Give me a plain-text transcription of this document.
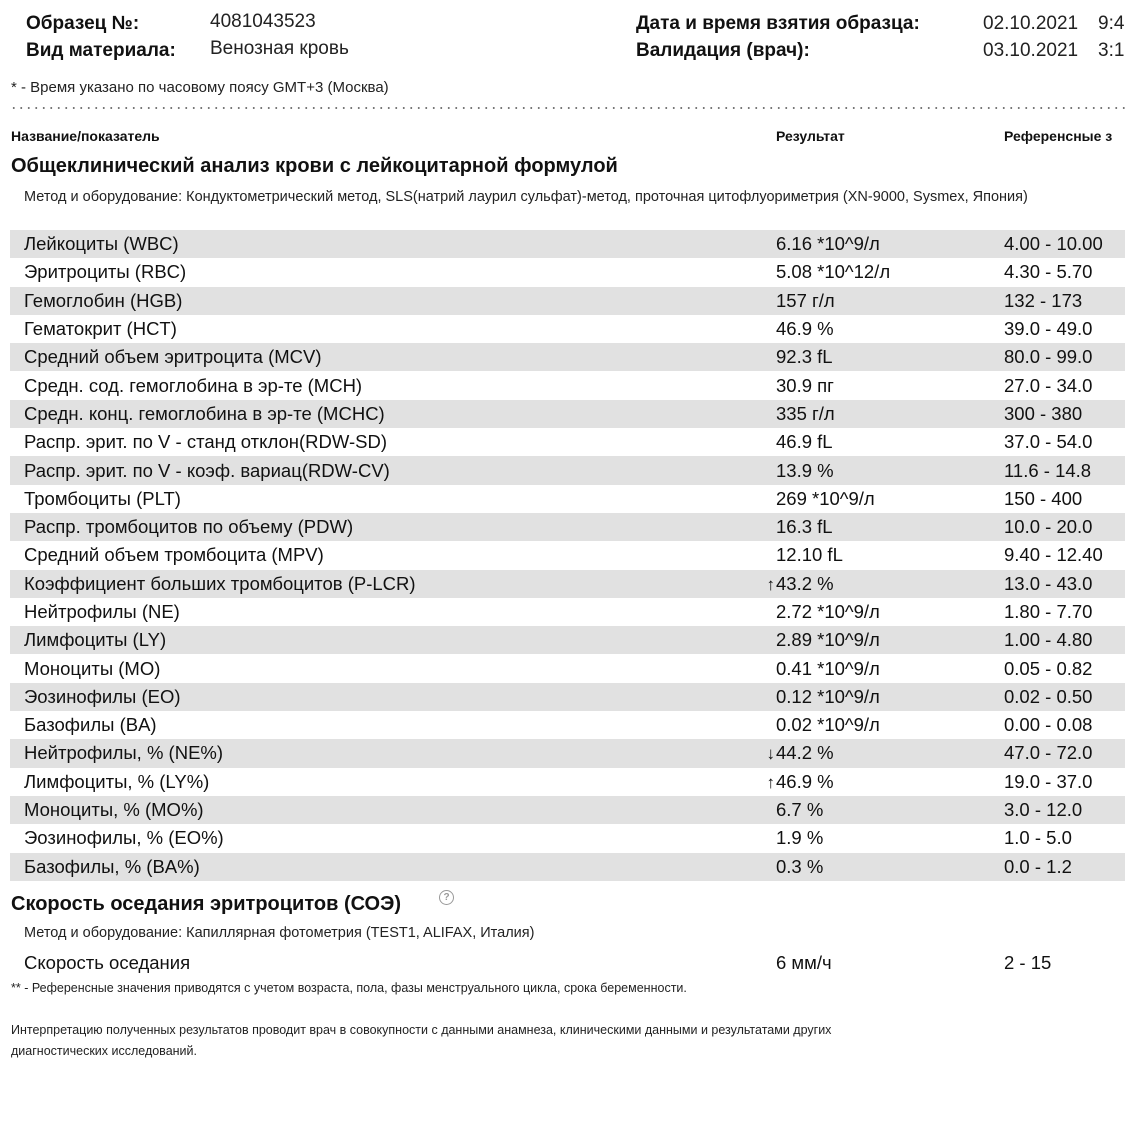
Образец №:	4081043523
Вид материала: Венозная кровь
Дата и время взятия образца:	02.10.2021 9:4
Валидация (врач):	03.10.2021 3:1
* - Время указано по часовому поясу GMT+3 (Москва)
Название/показатель	Результат	Референсные з
Общеклинический анализ крови с лейкоцитарной формулой
Метод и оборудование: Кондуктометрический метод, SLS(натрий лаурил сульфат)-метод, проточная цитофлуориметрия (XN-9000, Sysmex, Япония)
Лейкоциты (WBC)	6.16 *10^9/л	4.00 - 10.00
Эритроциты (RBC)	5.08 *10^12/л	4.30 - 5.70
Гемоглобин (HGB)	157 г/л	132 - 173
Гематокрит (HCT)	46.9 %	39.0 - 49.0
Средний объем эритроцита (MCV)	92.3 fL	80.0 - 99.0
Средн. сод. гемоглобина в эр-те (MCH)	30.9 пг	27.0 - 34.0
Средн. конц. гемоглобина в эр-те (MCHC)	335 г/л	300 - 380
Распр. эрит. по V - станд отклон(RDW-SD)	46.9 fL	37.0 - 54.0
Распр. эрит. по V - коэф. вариац(RDW-CV)	13.9 %	11.6 - 14.8
Тромбоциты (PLT)	269 *10^9/л	150 - 400
Распр. тромбоцитов по объему (PDW)	16.3 fL	10.0 - 20.0
Средний объем тромбоцита (MPV)	12.10 fL	9.40 - 12.40
Коэффициент больших тромбоцитов (P-LCR)	↑ 43.2 %	13.0 - 43.0
Нейтрофилы (NE)	2.72 *10^9/л	1.80 - 7.70
Лимфоциты (LY)	2.89 *10^9/л	1.00 - 4.80
Моноциты (MO)	0.41 *10^9/л	0.05 - 0.82
Эозинофилы (EO)	0.12 *10^9/л	0.02 - 0.50
Базофилы (BA)	0.02 *10^9/л	0.00 - 0.08
Нейтрофилы, % (NE%)	↓ 44.2 %	47.0 - 72.0
Лимфоциты, % (LY%)	↑ 46.9 %	19.0 - 37.0
Моноциты, % (MO%)	6.7 %	3.0 - 12.0
Эозинофилы, % (EO%)	1.9 %	1.0 - 5.0
Базофилы, % (BA%)	0.3 %	0.0 - 1.2
Скорость оседания эритроцитов (СОЭ)	?
Метод и оборудование: Капиллярная фотометрия (TEST1, ALIFAX, Италия)
Скорость оседания	6 мм/ч	2 - 15
** - Референсные значения приводятся с учетом возраста, пола, фазы менструального цикла, срока беременности.
Интерпретацию полученных результатов проводит врач в совокупности с данными анамнеза, клиническими данными и результатами других диагностических исследований.
